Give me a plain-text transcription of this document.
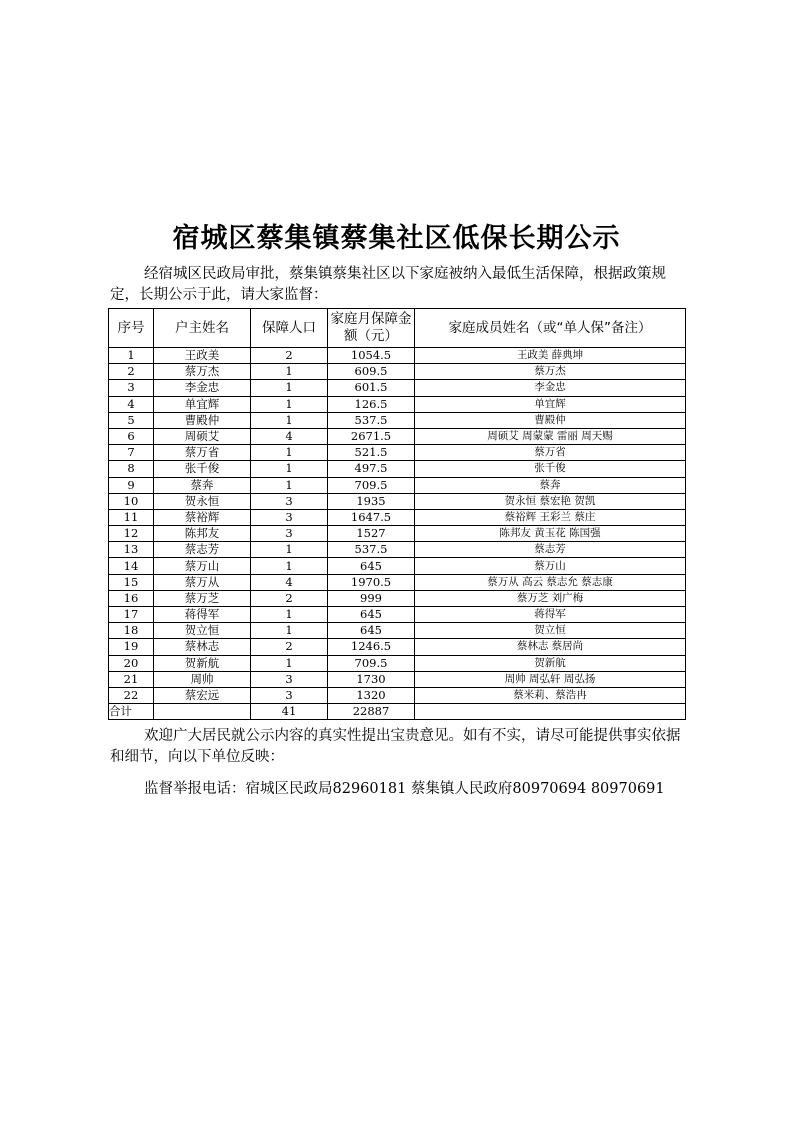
宿城区蔡集镇蔡集社区低保长期公示
经宿城区民政局审批，蔡集镇蔡集社区以下家庭被纳入最低生活保障，根据政策规定，长期公示于此，请大家监督：
序号	户主姓名	保障人口	家庭月保障金额（元）	家庭成员姓名（或“单人保”备注）
1	王政美	2	1054.5	王政美 薛典坤
2	蔡万杰	1	609.5	蔡万杰
3	李金忠	1	601.5	李金忠
4	单宜辉	1	126.5	单宜辉
5	曹殿仲	1	537.5	曹殿仲
6	周硕艾	4	2671.5	周硕艾 周蒙蒙 雷丽 周天赐
7	蔡万省	1	521.5	蔡万省
8	张千俊	1	497.5	张千俊
9	蔡奔	1	709.5	蔡奔
10	贺永恒	3	1935	贺永恒 蔡宏艳 贺凯
11	蔡裕辉	3	1647.5	蔡裕辉 王彩兰 蔡庄
12	陈邦友	3	1527	陈邦友 黄玉花 陈国强
13	蔡志芳	1	537.5	蔡志芳
14	蔡万山	1	645	蔡万山
15	蔡万从	4	1970.5	蔡万从 高云 蔡志允 蔡志康
16	蔡万芝	2	999	蔡万芝 刘广梅
17	蒋得军	1	645	蒋得军
18	贺立恒	1	645	贺立恒
19	蔡林志	2	1246.5	蔡林志 蔡居尚
20	贺新航	1	709.5	贺新航
21	周帅	3	1730	周帅 周弘轩 周弘扬
22	蔡宏远	3	1320	蔡米莉、蔡浩冉
合计		41	22887	
欢迎广大居民就公示内容的真实性提出宝贵意见。如有不实，请尽可能提供事实依据和细节，向以下单位反映：
监督举报电话：宿城区民政局82960181 蔡集镇人民政府80970694 80970691
